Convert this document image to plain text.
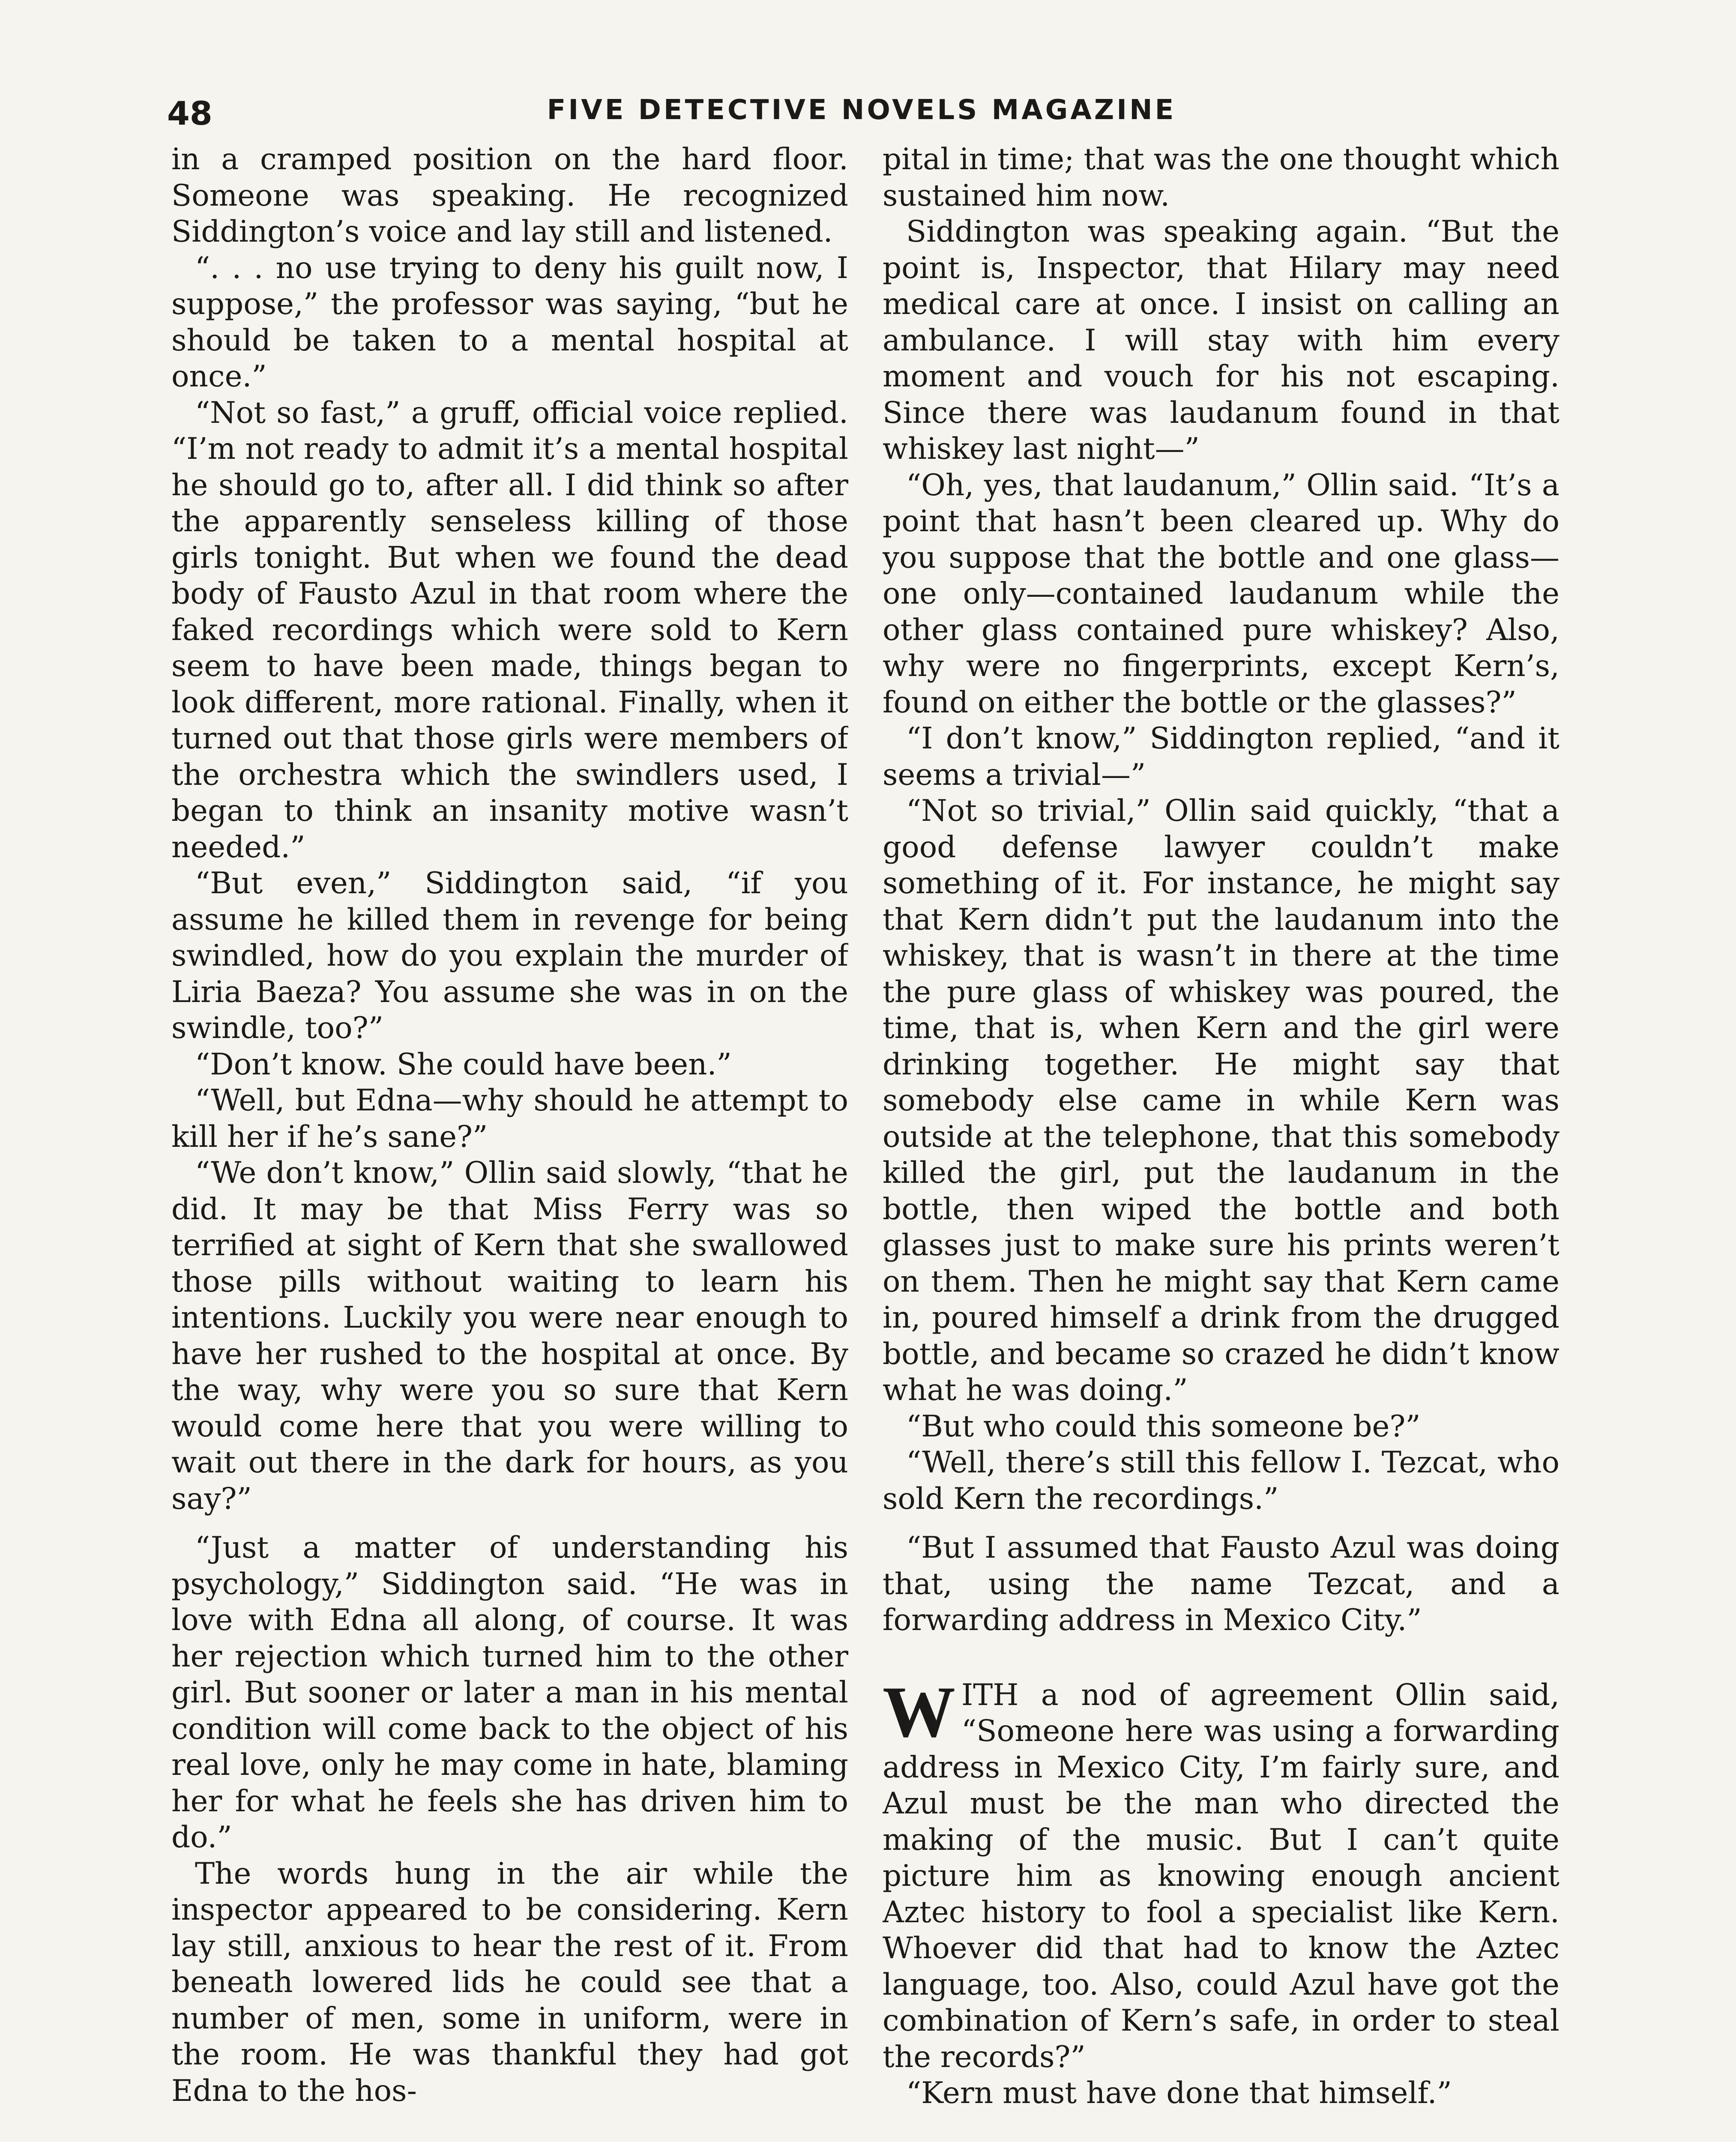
48	FIVE DETECTIVE NOVELS MAGAZINE

in a cramped position on the hard floor. Someone was speaking. He recognized Siddington’s voice and lay still and listened.

“. . . no use trying to deny his guilt now, I suppose,” the professor was saying, “but he should be taken to a mental hospital at once.”

“Not so fast,” a gruff, official voice replied. “I’m not ready to admit it’s a mental hospital he should go to, after all. I did think so after the apparently senseless killing of those girls tonight. But when we found the dead body of Fausto Azul in that room where the faked recordings which were sold to Kern seem to have been made, things began to look different, more rational. Finally, when it turned out that those girls were members of the orchestra which the swindlers used, I began to think an insanity motive wasn’t needed.”

“But even,” Siddington said, “if you assume he killed them in revenge for being swindled, how do you explain the murder of Liria Baeza? You assume she was in on the swindle, too?”

“Don’t know. She could have been.”

“Well, but Edna—why should he attempt to kill her if he’s sane?”

“We don’t know,” Ollin said slowly, “that he did. It may be that Miss Ferry was so terrified at sight of Kern that she swallowed those pills without waiting to learn his intentions. Luckily you were near enough to have her rushed to the hospital at once. By the way, why were you so sure that Kern would come here that you were willing to wait out there in the dark for hours, as you say?”

“Just a matter of understanding his psychology,” Siddington said. “He was in love with Edna all along, of course. It was her rejection which turned him to the other girl. But sooner or later a man in his mental condition will come back to the object of his real love, only he may come in hate, blaming her for what he feels she has driven him to do.”

The words hung in the air while the inspector appeared to be considering. Kern lay still, anxious to hear the rest of it. From beneath lowered lids he could see that a number of men, some in uniform, were in the room. He was thankful they had got Edna to the hos-

pital in time; that was the one thought which sustained him now.

Siddington was speaking again. “But the point is, Inspector, that Hilary may need medical care at once. I insist on calling an ambulance. I will stay with him every moment and vouch for his not escaping. Since there was laudanum found in that whiskey last night—”

“Oh, yes, that laudanum,” Ollin said. “It’s a point that hasn’t been cleared up. Why do you suppose that the bottle and one glass—one only—contained laudanum while the other glass contained pure whiskey? Also, why were no fingerprints, except Kern’s, found on either the bottle or the glasses?”

“I don’t know,” Siddington replied, “and it seems a trivial—”

“Not so trivial,” Ollin said quickly, “that a good defense lawyer couldn’t make something of it. For instance, he might say that Kern didn’t put the laudanum into the whiskey, that is wasn’t in there at the time the pure glass of whiskey was poured, the time, that is, when Kern and the girl were drinking together. He might say that somebody else came in while Kern was outside at the telephone, that this somebody killed the girl, put the laudanum in the bottle, then wiped the bottle and both glasses just to make sure his prints weren’t on them. Then he might say that Kern came in, poured himself a drink from the drugged bottle, and became so crazed he didn’t know what he was doing.”

“But who could this someone be?”

“Well, there’s still this fellow I. Tezcat, who sold Kern the recordings.”

“But I assumed that Fausto Azul was doing that, using the name Tezcat, and a forwarding address in Mexico City.”

WITH a nod of agreement Ollin said, “Someone here was using a forwarding address in Mexico City, I’m fairly sure, and Azul must be the man who directed the making of the music. But I can’t quite picture him as knowing enough ancient Aztec history to fool a specialist like Kern. Whoever did that had to know the Aztec language, too. Also, could Azul have got the combination of Kern’s safe, in order to steal the records?”

“Kern must have done that himself.”
